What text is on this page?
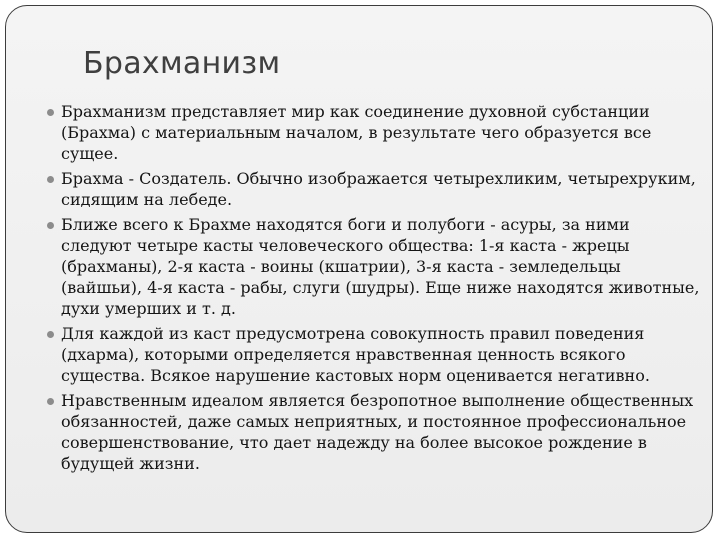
Брахманизм
Брахманизм представляет мир как соединение духовной субстанции (Брахма) с материальным началом, в результате чего образуется все сущее.
Брахма - Создатель. Обычно изображается четырехликим, четырехруким, сидящим на лебеде.
Ближе всего к Брахме находятся боги и полубоги - асуры, за ними следуют четыре касты человеческого общества: 1-я каста - жрецы (брахманы), 2-я каста - воины (кшатрии), 3-я каста - земледельцы (вайшьи), 4-я каста - рабы, слуги (шудры). Еще ниже находятся животные, духи умерших и т. д.
Для каждой из каст предусмотрена совокупность правил поведения (дхарма), которыми определяется нравственная ценность всякого существа. Всякое нарушение кастовых норм оценивается негативно.
Нравственным идеалом является безропотное выполнение общественных обязанностей, даже самых неприятных, и постоянное профессиональное совершенствование, что дает надежду на более высокое рождение в будущей жизни.
